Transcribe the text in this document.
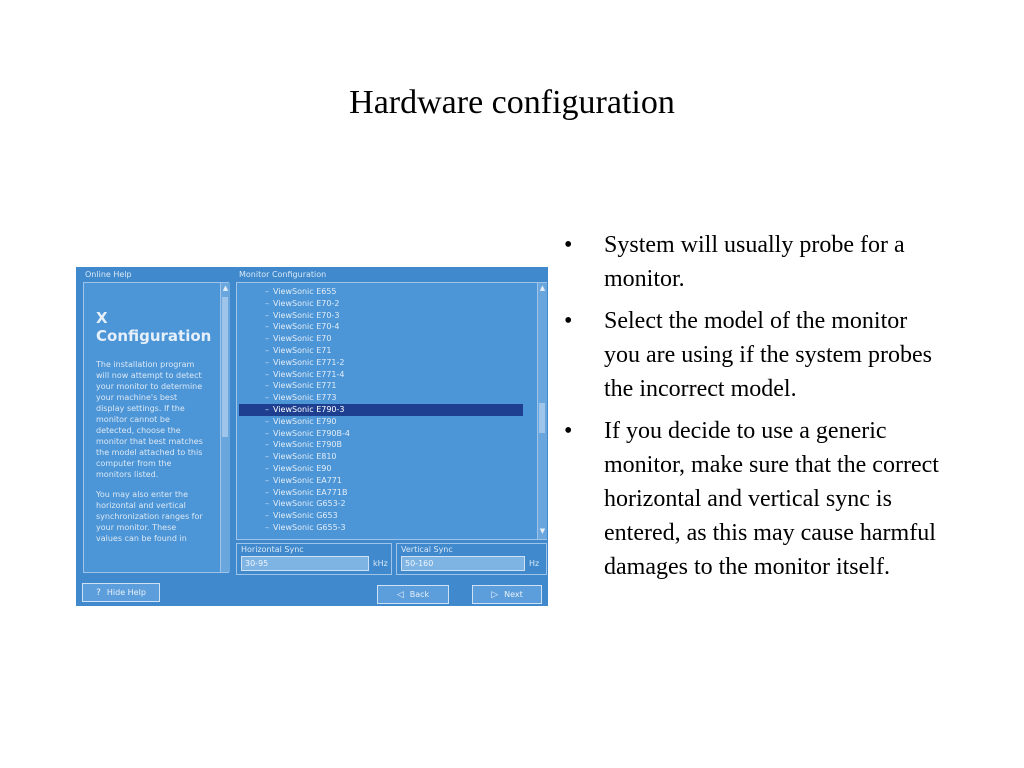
Hardware configuration
• System will usually probe for a monitor.
• Select the model of the monitor you are using if the system probes the incorrect model.
• If you decide to use a generic monitor, make sure that the correct horizontal and vertical sync is entered, as this may cause harmful damages to the monitor itself.
Online Help	Monitor Configuration
X Configuration

The installation program will now attempt to detect your monitor to determine your machine's best display settings. If the monitor cannot be detected, choose the monitor that best matches the model attached to this computer from the monitors listed.

You may also enter the horizontal and vertical synchronization ranges for your monitor. These values can be found in

▲	– ViewSonic E655
– ViewSonic E70-2
– ViewSonic E70-3
– ViewSonic E70-4
– ViewSonic E70
– ViewSonic E71
– ViewSonic E771-2
– ViewSonic E771-4
– ViewSonic E771
– ViewSonic E773
– ViewSonic E790-3
– ViewSonic E790
– ViewSonic E790B-4
– ViewSonic E790B
– ViewSonic E810
– ViewSonic E90
– ViewSonic EA771
– ViewSonic EA771B
– ViewSonic G653-2
– ViewSonic G653
– ViewSonic G655-3
▲
▼
Horizontal Sync
30-95	kHz
Vertical Sync
50-160	Hz
? Hide Help	◁ Back	▷ Next
